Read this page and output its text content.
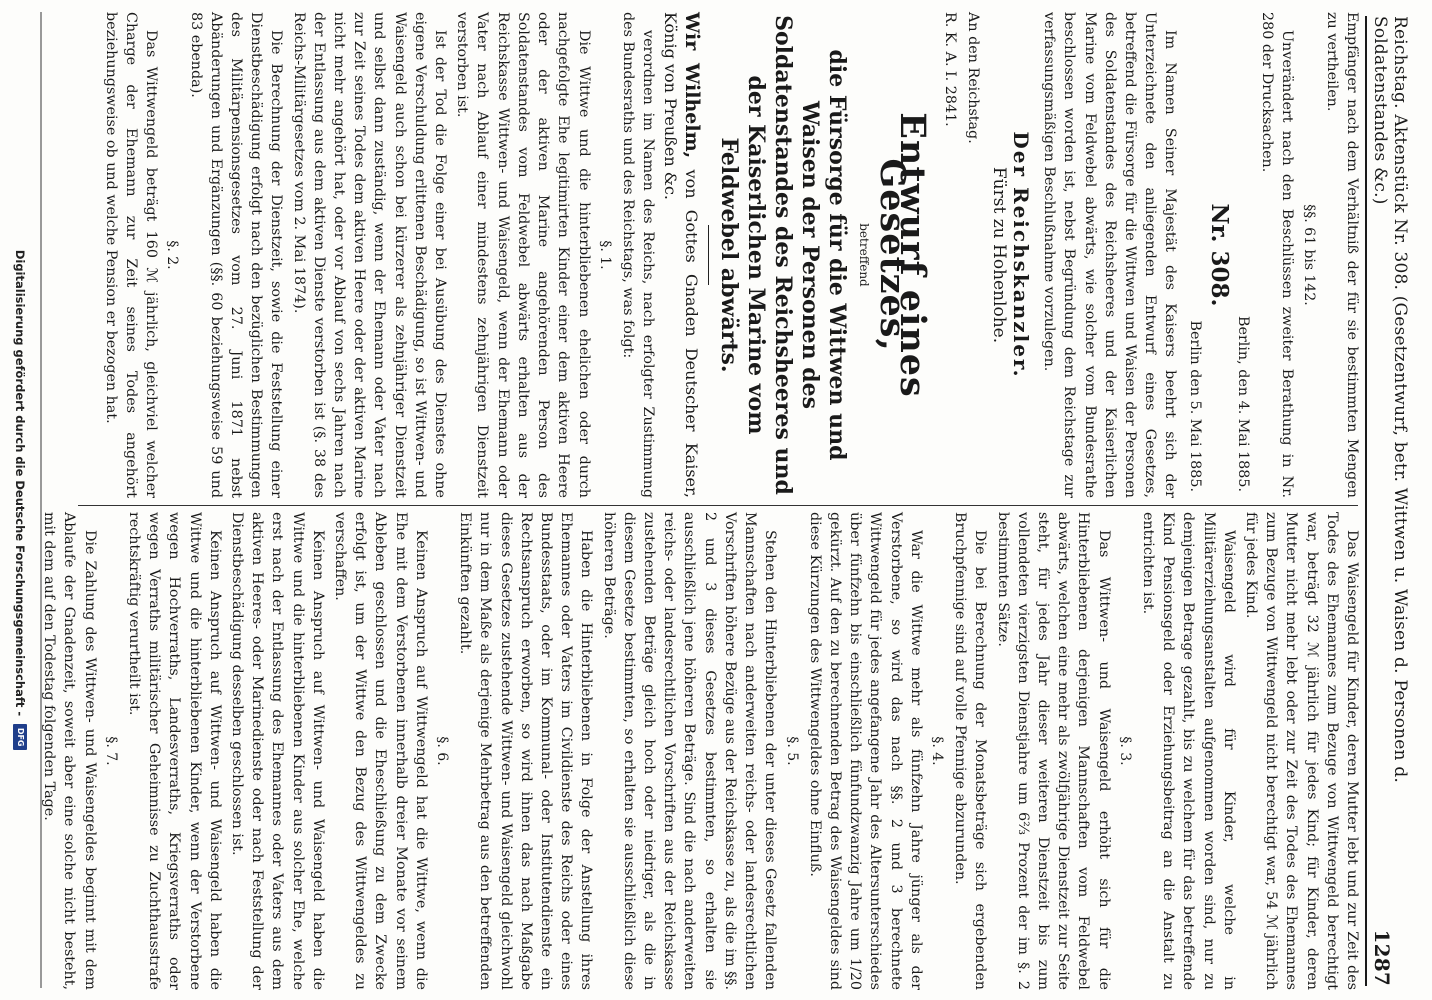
Reichstag. Aktenstück Nr. 308. (Gesetzentwurf, betr. Wittwen u. Waisen d. Personen d. Soldatenstandes &c.)
1287

Empfänger nach dem Verhältniß der für sie bestimmten Mengen zu vertheilen.

§§. 61 bis 142.

Unverändert nach den Beschlüssen zweiter Berathung in Nr. 280 der Drucksachen.

Berlin, den 4. Mai 1885.
Nr. 308.
Berlin den 5. Mai 1885.

Im Namen Seiner Majestät des Kaisers beehrt sich der Unterzeichnete den anliegenden Entwurf eines Gesetzes, betreffend die Fürsorge für die Wittwen und Waisen der Personen des Soldatenstandes des Reichsheeres und der Kaiserlichen Marine vom Feldwebel abwärts, wie solcher vom Bundesrathe beschlossen worden ist, nebst Begründung dem Reichstage zur verfassungsmäßigen Beschlußnahme vorzulegen.

Der Reichskanzler.
Fürst zu Hohenlohe.

An den Reichstag.

R. K. A. I. 2841.

Entwurf eines Gesetzes,
betreffend
die Fürsorge für die Wittwen und Waisen der Personen des Soldatenstandes des Reichsheeres und der Kaiserlichen Marine vom Feldwebel abwärts.

Wir Wilhelm, von Gottes Gnaden Deutscher Kaiser, König von Preußen &c.

verordnen im Namen des Reichs, nach erfolgter Zustimmung des Bundesraths und des Reichstags, was folgt:

§. 1.

Die Wittwe und die hinterbliebenen ehelichen oder durch nachgefolgte Ehe legitimirten Kinder einer dem aktiven Heere oder der aktiven Marine angehörenden Person des Soldatenstandes vom Feldwebel abwärts erhalten aus der Reichskasse Wittwen- und Waisengeld, wenn der Ehemann oder Vater nach Ablauf einer mindestens zehnjährigen Dienstzeit verstorben ist.

Ist der Tod die Folge einer bei Ausübung des Dienstes ohne eigene Verschuldung erlittenen Beschädigung, so ist Wittwen- und Waisengeld auch schon bei kürzerer als zehnjähriger Dienstzeit und selbst dann zuständig, wenn der Ehemann oder Vater nach zur Zeit seines Todes dem aktiven Heere oder der aktiven Marine nicht mehr angehört hat, oder vor Ablauf von sechs Jahren nach der Entlassung aus dem aktiven Dienste verstorben ist (§. 38 des Reichs-Militärgesetzes vom 2. Mai 1874).

Die Berechnung der Dienstzeit, sowie die Feststellung einer Dienstbeschädigung erfolgt nach den bezüglichen Bestimmungen des Militärpensionsgesetzes vom 27. Juni 1871 nebst Abänderungen und Ergänzungen (§§. 60 beziehungsweise 59 und 83 ebenda).

§. 2.

Das Wittwengeld beträgt 160 ℳ jährlich, gleichviel welcher Charge der Ehemann zur Zeit seines Todes angehört beziehungsweise ob und welche Pension er bezogen hat.

Das Waisengeld für Kinder, deren Mutter lebt und zur Zeit des Todes des Ehemannes zum Bezuge von Wittwengeld berechtigt war, beträgt 32 ℳ jährlich für jedes Kind; für Kinder, deren Mutter nicht mehr lebt oder zur Zeit des Todes des Ehemannes zum Bezuge von Wittwengeld nicht berechtigt war, 54 ℳ jährlich für jedes Kind.

Waisengeld wird für Kinder, welche in Militärerziehungsanstalten aufgenommen worden sind, nur zu demjenigen Betrage gezahlt, bis zu welchem für das betreffende Kind Pensionsgeld oder Erziehungsbeitrag an die Anstalt zu entrichten ist.

§. 3.

Das Wittwen- und Waisengeld erhöht sich für die Hinterbliebenen derjenigen Mannschaften vom Feldwebel abwärts, welchen eine mehr als zwölfjährige Dienstzeit zur Seite steht, für jedes Jahr dieser weiteren Dienstzeit bis zum vollendeten vierzigsten Dienstjahre um 6⅔ Prozent der im §. 2 bestimmten Sätze.

Die bei Berechnung der Monatsbeträge sich ergebenden Bruchpfennige sind auf volle Pfennige abzurunden.

§. 4.

War die Wittwe mehr als fünfzehn Jahre jünger als der Verstorbene, so wird das nach §§. 2 und 3 berechnete Wittwengeld für jedes angefangene Jahr des Altersunterschiedes über fünfzehn bis einschließlich fünfundzwanzig Jahre um 1/20 gekürzt. Auf den zu berechnenden Betrag des Waisengeldes sind diese Kürzungen des Wittwengeldes ohne Einfluß.

§. 5.

Stehen den Hinterbliebenen der unter dieses Gesetz fallenden Mannschaften nach anderweiten reichs- oder landesrechtlichen Vorschriften höhere Bezüge aus der Reichskasse zu, als die im §§. 2 und 3 dieses Gesetzes bestimmten, so erhalten sie ausschließlich jene höheren Beträge. Sind die nach anderweiten reichs- oder landesrechtlichen Vorschriften aus der Reichskasse zustehenden Beträge gleich hoch oder niedriger, als die in diesem Gesetze bestimmten, so erhalten sie ausschließlich diese höheren Beträge.

Haben die Hinterbliebenen in Folge der Anstellung ihres Ehemannes oder Vaters im Civildienste des Reichs oder eines Bundesstaats, oder im Kommunal- oder Institutendienste ein Rechtsanspruch erworben, so wird ihnen das nach Maßgabe dieses Gesetzes zustehende Wittwen- und Waisengeld gleichwohl nur in dem Maße als derjenige Mehrbetrag aus den betreffenden Einkünften gezahlt.

§. 6.

Keinen Anspruch auf Wittwengeld hat die Wittwe, wenn die Ehe mit dem Verstorbenen innerhalb dreier Monate vor seinem Ableben geschlossen und die Eheschließung zu dem Zwecke erfolgt ist, um der Wittwe den Bezug des Wittwengeldes zu verschaffen.

Keinen Anspruch auf Wittwen- und Waisengeld haben die Wittwe und die hinterbliebenen Kinder aus solcher Ehe, welche erst nach der Entlassung des Ehemannes oder Vaters aus dem aktiven Heeres- oder Marinedienste oder nach Feststellung der Dienstbeschädigung desselben geschlossen ist.

Keinen Anspruch auf Wittwen- und Waisengeld haben die Wittwe und die hinterbliebenen Kinder, wenn der Verstorbene wegen Hochverraths, Landesverraths, Kriegsverraths oder wegen Verraths militärischer Geheimnisse zu Zuchthausstrafe rechtskräftig verurtheilt ist.

§. 7.

Die Zahlung des Wittwen- und Waisengeldes beginnt mit dem Ablaufe der Gnadenzeit, soweit aber eine solche nicht besteht, mit dem auf den Todestag folgenden Tage.

Digitalisierung gefördert durch die Deutsche Forschungsgemeinschaft -
DFG
